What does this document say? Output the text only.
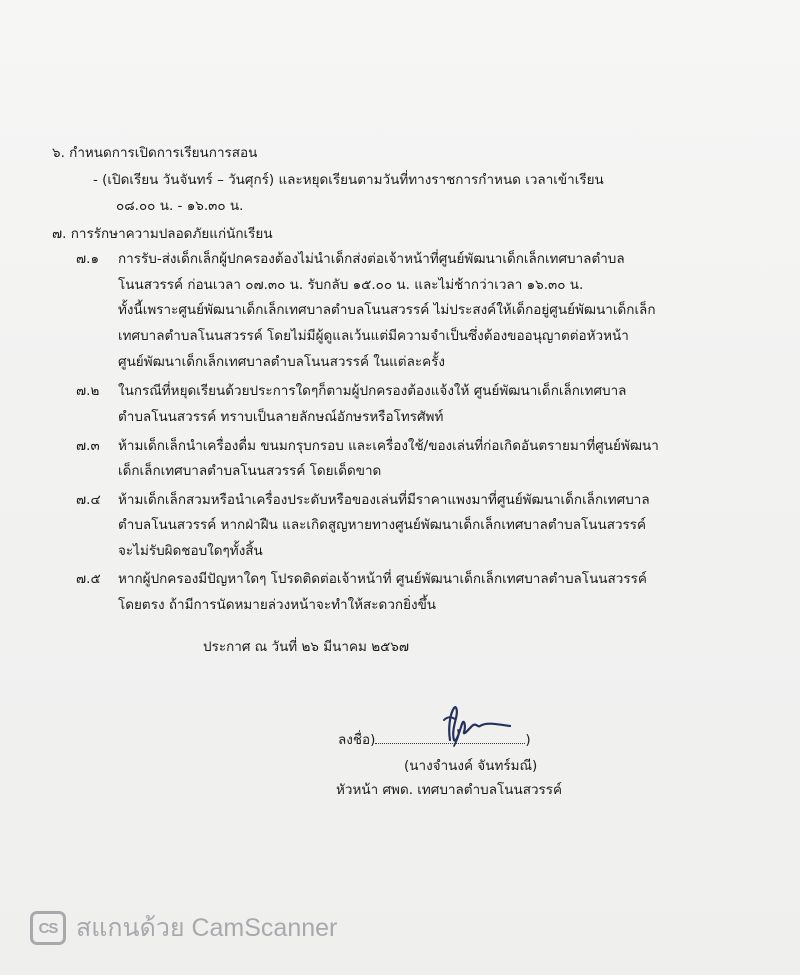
๖. กำหนดการเปิดการเรียนการสอน
- (เปิดเรียน วันจันทร์ – วันศุกร์) และหยุดเรียนตามวันที่ทางราชการกำหนด เวลาเข้าเรียน
๐๘.๐๐ น. - ๑๖.๓๐ น.
๗. การรักษาความปลอดภัยแก่นักเรียน
๗.๑ การรับ-ส่งเด็กเล็กผู้ปกครองต้องไม่นำเด็กส่งต่อเจ้าหน้าที่ศูนย์พัฒนาเด็กเล็กเทศบาลตำบล
โนนสวรรค์ ก่อนเวลา ๐๗.๓๐ น. รับกลับ ๑๕.๐๐ น. และไม่ช้ากว่าเวลา ๑๖.๓๐ น.
ทั้งนี้เพราะศูนย์พัฒนาเด็กเล็กเทศบาลตำบลโนนสวรรค์ ไม่ประสงค์ให้เด็กอยู่ศูนย์พัฒนาเด็กเล็ก
เทศบาลตำบลโนนสวรรค์ โดยไม่มีผู้ดูแลเว้นแต่มีความจำเป็นซึ่งต้องขออนุญาตต่อหัวหน้า
ศูนย์พัฒนาเด็กเล็กเทศบาลตำบลโนนสวรรค์ ในแต่ละครั้ง
๗.๒ ในกรณีที่หยุดเรียนด้วยประการใดๆก็ตามผู้ปกครองต้องแจ้งให้ ศูนย์พัฒนาเด็กเล็กเทศบาล
ตำบลโนนสวรรค์ ทราบเป็นลายลักษณ์อักษรหรือโทรศัพท์
๗.๓ ห้ามเด็กเล็กนำเครื่องดื่ม ขนมกรุบกรอบ และเครื่องใช้/ของเล่นที่ก่อเกิดอันตรายมาที่ศูนย์พัฒนา
เด็กเล็กเทศบาลตำบลโนนสวรรค์ โดยเด็ดขาด
๗.๔ ห้ามเด็กเล็กสวมหรือนำเครื่องประดับหรือของเล่นที่มีราคาแพงมาที่ศูนย์พัฒนาเด็กเล็กเทศบาล
ตำบลโนนสวรรค์ หากฝ่าฝืน และเกิดสูญหายทางศูนย์พัฒนาเด็กเล็กเทศบาลตำบลโนนสวรรค์
จะไม่รับผิดชอบใดๆทั้งสิ้น
๗.๕ หากผู้ปกครองมีปัญหาใดๆ โปรดติดต่อเจ้าหน้าที่ ศูนย์พัฒนาเด็กเล็กเทศบาลตำบลโนนสวรรค์
โดยตรง ถ้ามีการนัดหมายล่วงหน้าจะทำให้สะดวกยิ่งขึ้น
ประกาศ ณ วันที่ ๒๖ มีนาคม ๒๕๖๗
ลงชื่อ)	)
(นางจำนงค์ จันทร์มณี)
หัวหน้า ศพด. เทศบาลตำบลโนนสวรรค์
CS สแกนด้วย CamScanner
